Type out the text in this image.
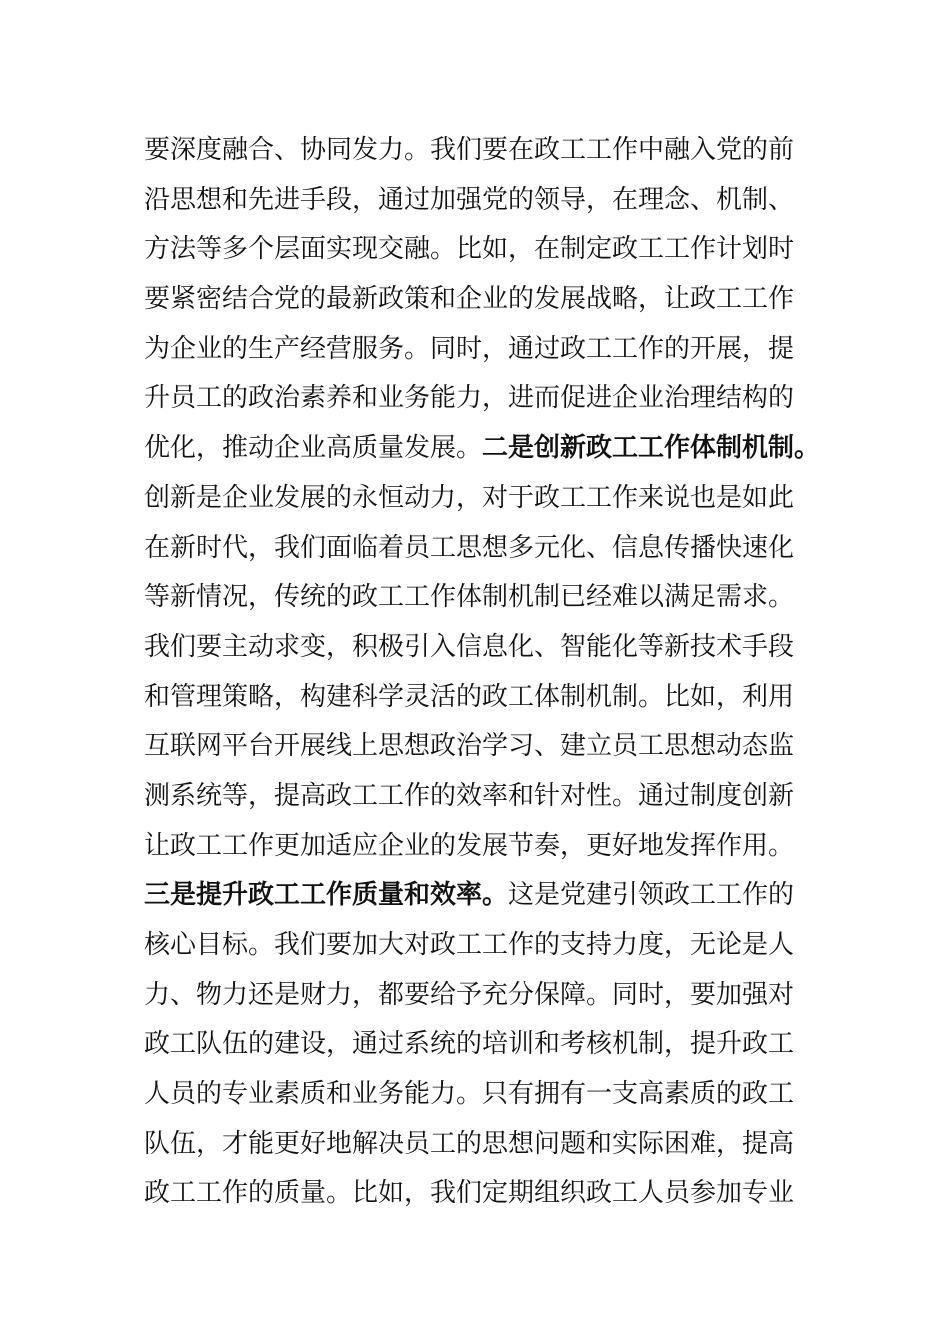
要深度融合、协同发力。我们要在政工工作中融入党的前
沿思想和先进手段，通过加强党的领导，在理念、机制、
方法等多个层面实现交融。比如，在制定政工工作计划时
要紧密结合党的最新政策和企业的发展战略，让政工工作
为企业的生产经营服务。同时，通过政工工作的开展，提
升员工的政治素养和业务能力，进而促进企业治理结构的
优化，推动企业高质量发展。二是创新政工工作体制机制。
创新是企业发展的永恒动力，对于政工工作来说也是如此
在新时代，我们面临着员工思想多元化、信息传播快速化
等新情况，传统的政工工作体制机制已经难以满足需求。
我们要主动求变，积极引入信息化、智能化等新技术手段
和管理策略，构建科学灵活的政工体制机制。比如，利用
互联网平台开展线上思想政治学习、建立员工思想动态监
测系统等，提高政工工作的效率和针对性。通过制度创新
让政工工作更加适应企业的发展节奏，更好地发挥作用。
三是提升政工工作质量和效率。这是党建引领政工工作的
核心目标。我们要加大对政工工作的支持力度，无论是人
力、物力还是财力，都要给予充分保障。同时，要加强对
政工队伍的建设，通过系统的培训和考核机制，提升政工
人员的专业素质和业务能力。只有拥有一支高素质的政工
队伍，才能更好地解决员工的思想问题和实际困难，提高
政工工作的质量。比如，我们定期组织政工人员参加专业
